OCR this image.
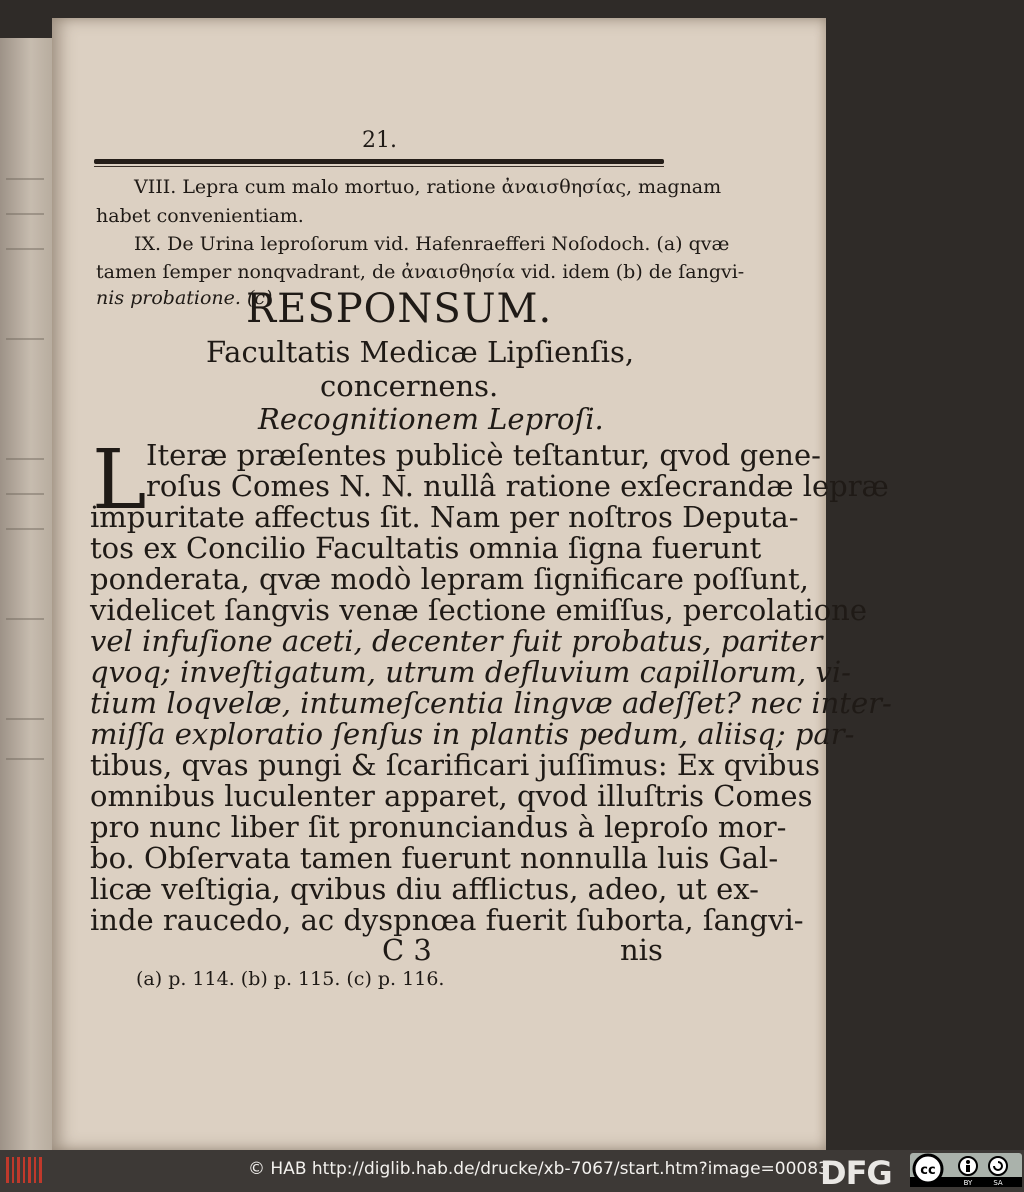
21.
VIII. Lepra cum malo mortuo, ratione ἀναισθησίας, magnam
habet convenientiam.
IX. De Urina leproſorum vid. Hafenraefferi Noſodoch. (a) qvæ
tamen ſemper nonqvadrant, de ἀναισθησία vid. idem (b) de ſangvi-
nis probatione. (c)
RESPONSUM.
Facultatis Medicæ Lipſienſis,
concernens.
Recognitionem Leproſi.
L Iteræ præſentes publicè teſtantur, qvod gene-
roſus Comes N. N. nullâ ratione exſecrandæ lepræ
impuritate affectus ſit. Nam per noſtros Deputa-
tos ex Concilio Facultatis omnia ſigna fuerunt
ponderata, qvæ modò lepram ſignificare poſſunt,
videlicet ſangvis venæ ſectione emiſſus, percolatione
vel infuſione aceti, decenter fuit probatus, pariter
qvoq; inveſtigatum, utrum defluvium capillorum, vi-
tium loqvelæ, intumeſcentia lingvæ adeſſet? nec inter-
miſſa exploratio ſenſus in plantis pedum, aliisq; par-
tibus, qvas pungi & ſcarificari juſſimus: Ex qvibus
omnibus luculenter apparet, qvod illuſtris Comes
pro nunc liber ſit pronunciandus à leproſo mor-
bo. Obſervata tamen fuerunt nonnulla luis Gal-
licæ veſtigia, qvibus diu afflictus, adeo, ut ex-
inde raucedo, ac dyspnœa fuerit ſuborta, ſangvi-
C 3	nis
(a) p. 114. (b) p. 115. (c) p. 116.
© HAB http://diglib.hab.de/drucke/xb-7067/start.htm?image=00083
DFG cc
BY	SA
